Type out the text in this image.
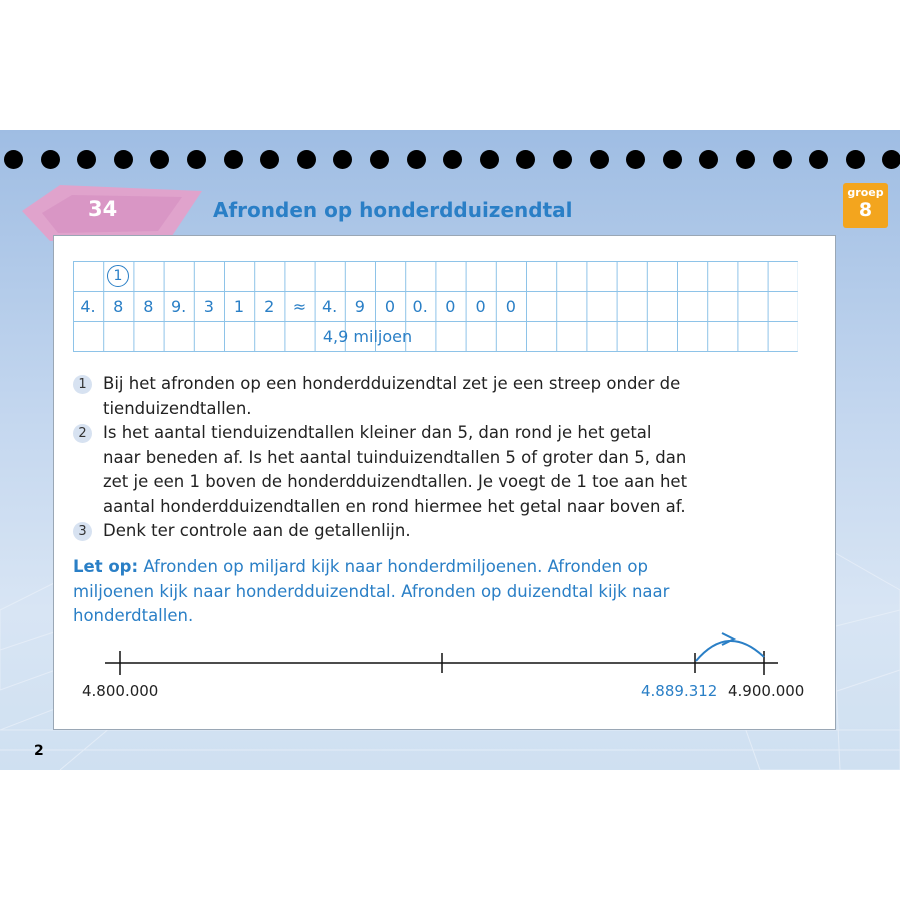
34	Afronden op honderdduizendtal
groep
8
1
4.	8	8	9.	3	1	2	≈ 4.	9	0	0.	0	0	0
4,9 miljoen
1 Bij het afronden op een honderdduizendtal zet je een streep onder de tienduizendtallen.
2 Is het aantal tienduizendtallen kleiner dan 5, dan rond je het getal naar beneden af. Is het aantal tuinduizendtallen 5 of groter dan 5, dan zet je een 1 boven de honderdduizendtallen. Je voegt de 1 toe aan het aantal honderdduizendtallen en rond hiermee het getal naar boven af.
3 Denk ter controle aan de getallenlijn.
Let op: Afronden op miljard kijk naar honderdmiljoenen. Afronden op miljoenen kijk naar honderdduizendtal. Afronden op duizendtal kijk naar honderdtallen.
4.800.000	4.889.312 4.900.000
2
